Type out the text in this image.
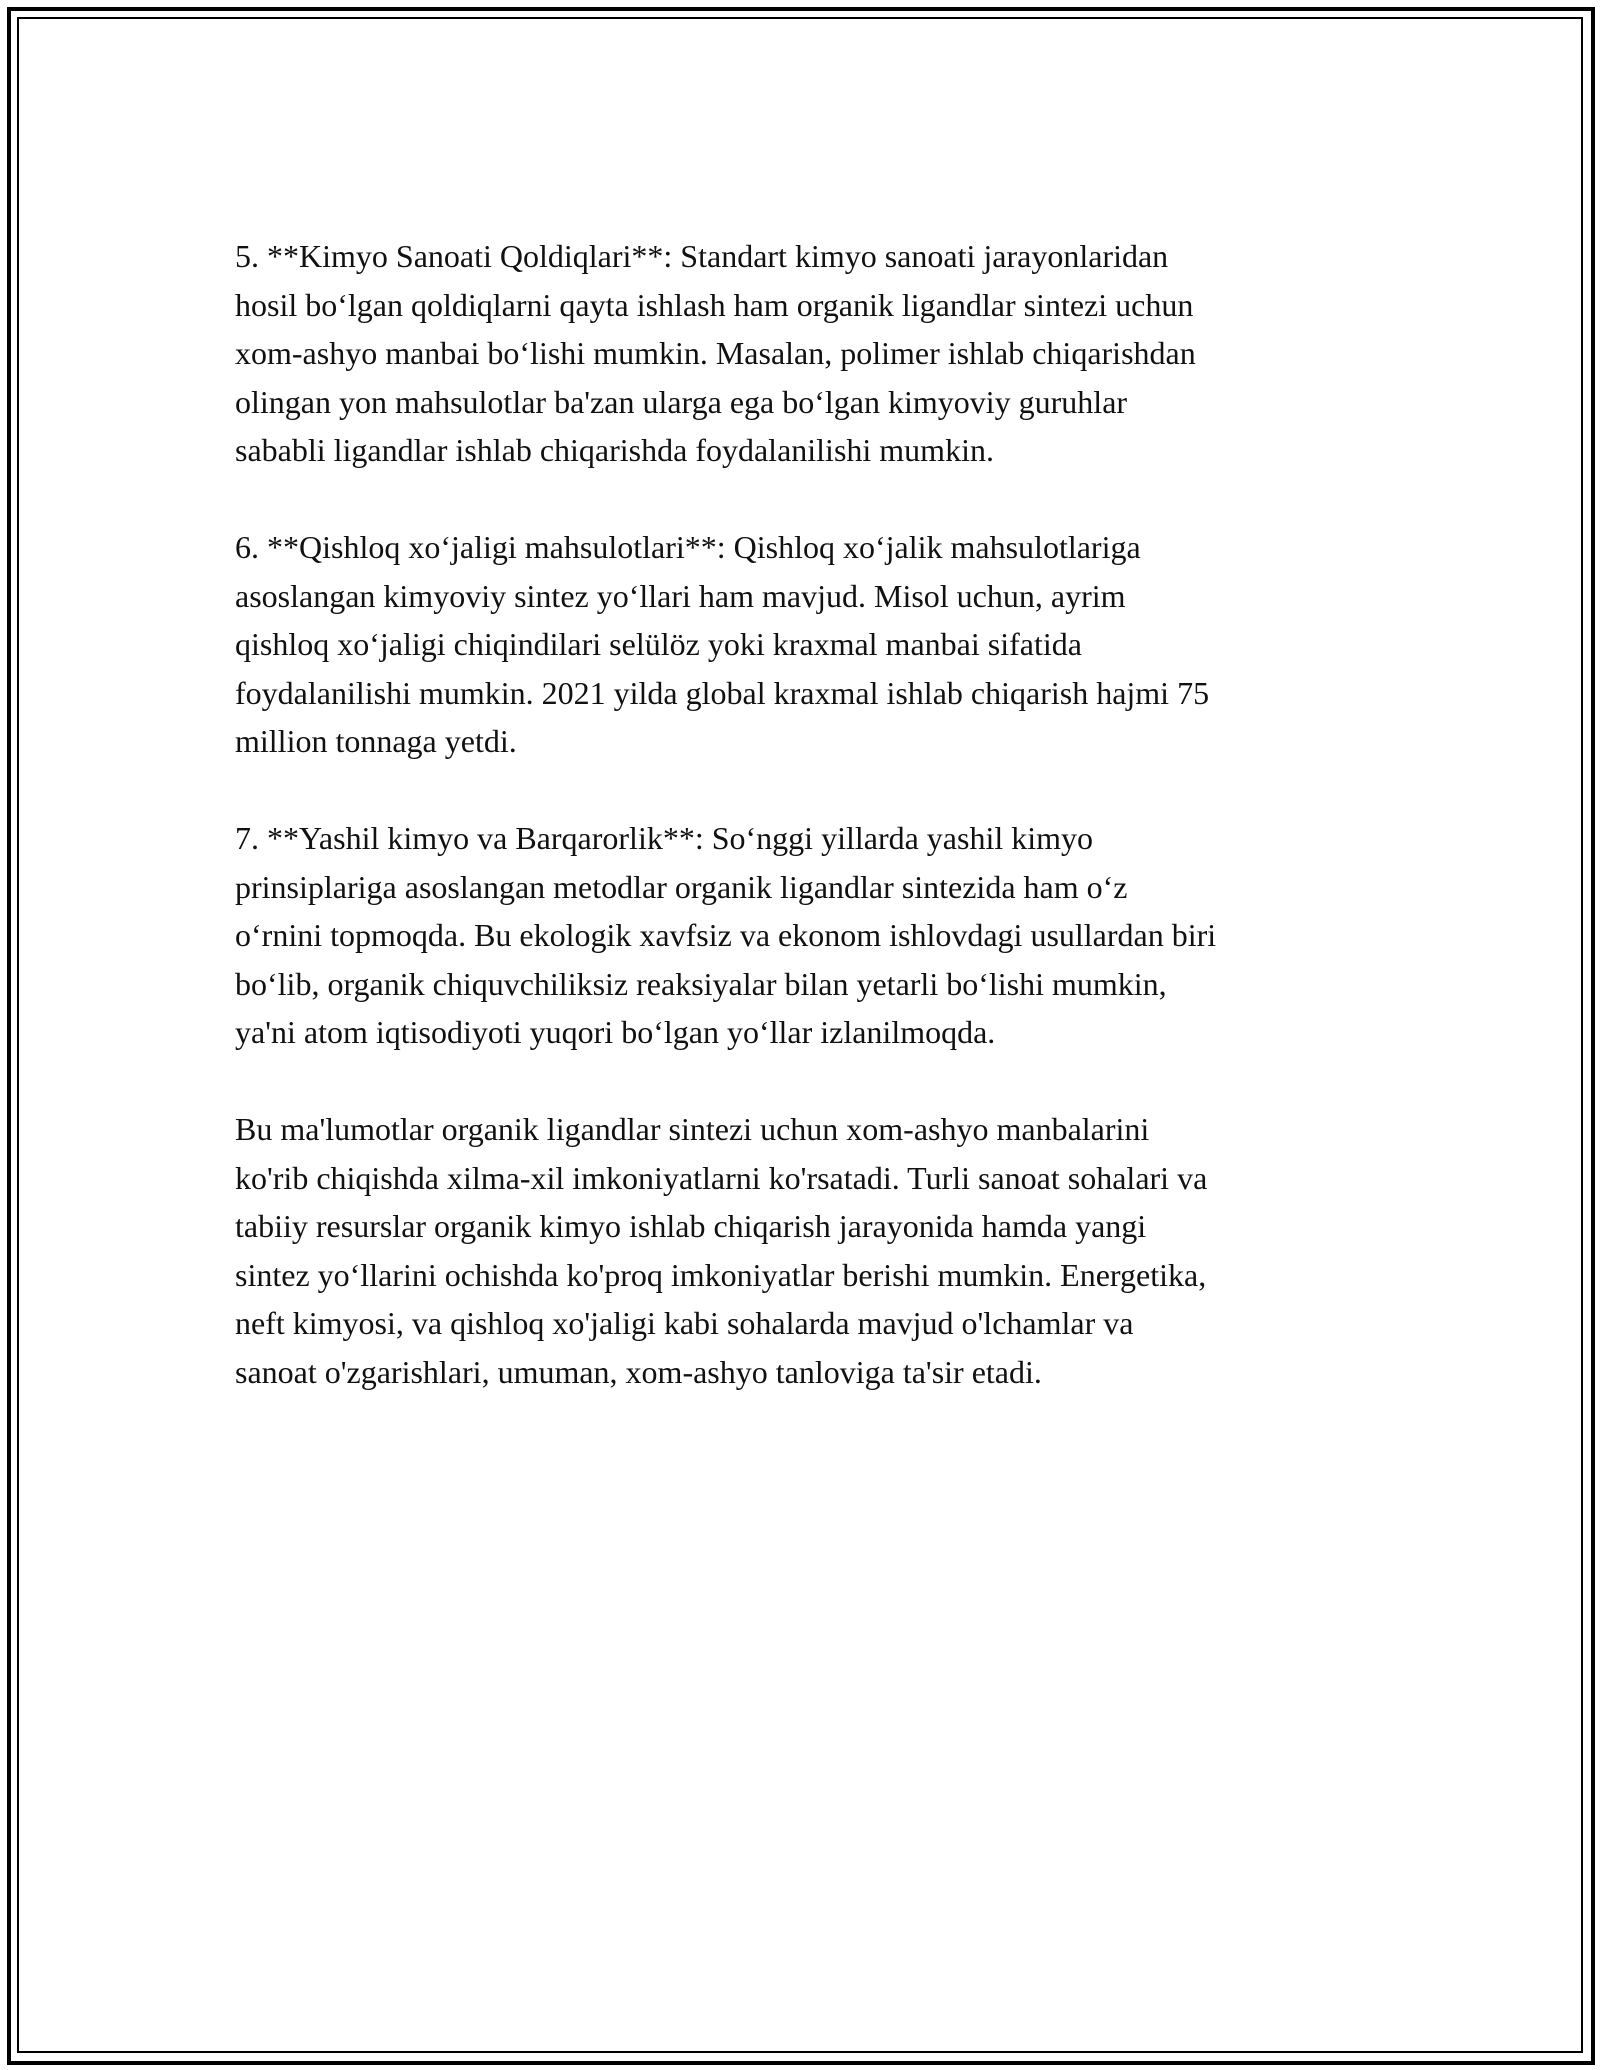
5. **Kimyo Sanoati Qoldiqlari**: Standart kimyo sanoati jarayonlaridan
hosil bo‘lgan qoldiqlarni qayta ishlash ham organik ligandlar sintezi uchun
xom-ashyo manbai bo‘lishi mumkin. Masalan, polimer ishlab chiqarishdan
olingan yon mahsulotlar ba'zan ularga ega bo‘lgan kimyoviy guruhlar
sababli ligandlar ishlab chiqarishda foydalanilishi mumkin.

6. **Qishloq xo‘jaligi mahsulotlari**: Qishloq xo‘jalik mahsulotlariga
asoslangan kimyoviy sintez yo‘llari ham mavjud. Misol uchun, ayrim
qishloq xo‘jaligi chiqindilari selülöz yoki kraxmal manbai sifatida
foydalanilishi mumkin. 2021 yilda global kraxmal ishlab chiqarish hajmi 75
million tonnaga yetdi.

7. **Yashil kimyo va Barqarorlik**: So‘nggi yillarda yashil kimyo
prinsiplariga asoslangan metodlar organik ligandlar sintezida ham o‘z
o‘rnini topmoqda. Bu ekologik xavfsiz va ekonom ishlovdagi usullardan biri
bo‘lib, organik chiquvchiliksiz reaksiyalar bilan yetarli bo‘lishi mumkin,
ya'ni atom iqtisodiyoti yuqori bo‘lgan yo‘llar izlanilmoqda.

Bu ma'lumotlar organik ligandlar sintezi uchun xom-ashyo manbalarini
ko'rib chiqishda xilma-xil imkoniyatlarni ko'rsatadi. Turli sanoat sohalari va
tabiiy resurslar organik kimyo ishlab chiqarish jarayonida hamda yangi
sintez yo‘llarini ochishda ko'proq imkoniyatlar berishi mumkin. Energetika,
neft kimyosi, va qishloq xo'jaligi kabi sohalarda mavjud o'lchamlar va
sanoat o'zgarishlari, umuman, xom-ashyo tanloviga ta'sir etadi.
